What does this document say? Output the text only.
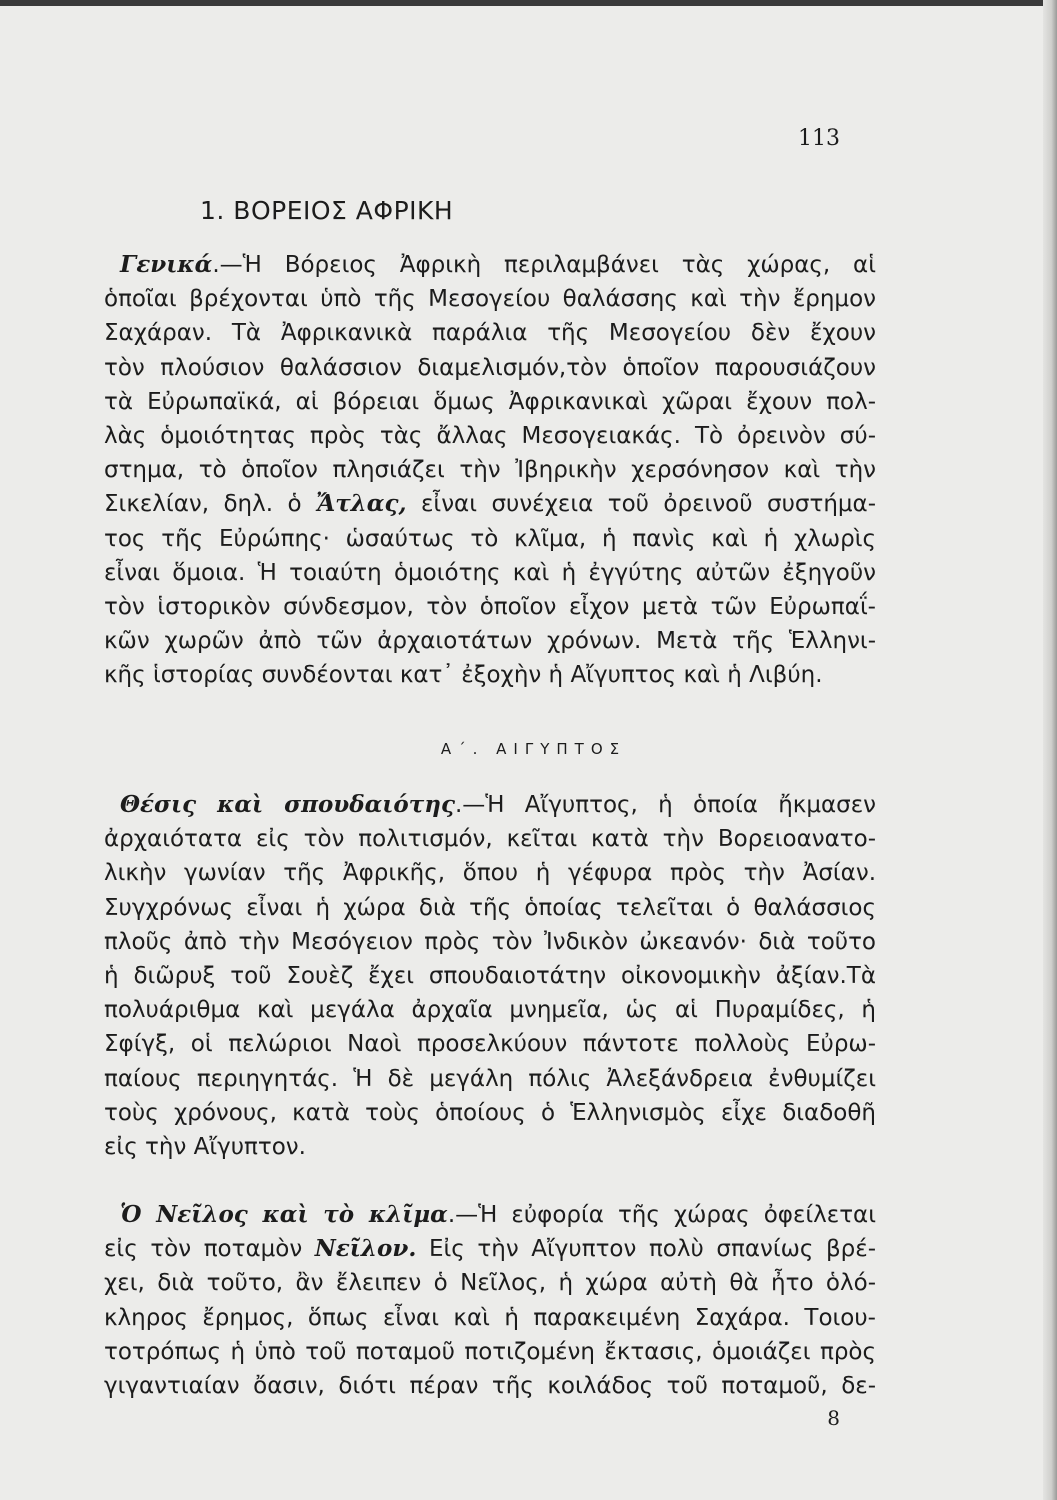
113
1. ΒΟΡΕΙΟΣ ΑΦΡΙΚΗ
Γενικά.—Ἡ Βόρειος Ἀφρικὴ περιλαμβάνει τὰς χώρας, αἱ
ὁποῖαι βρέχονται ὑπὸ τῆς Μεσογείου θαλάσσης καὶ τὴν ἔρημον
Σαχάραν. Τὰ Ἀφρικανικὰ παράλια τῆς Μεσογείου δὲν ἔχουν
τὸν πλούσιον θαλάσσιον διαμελισμόν,τὸν ὁποῖον παρουσιάζουν
τὰ Εὐρωπαϊκά, αἱ βόρειαι ὅμως Ἀφρικανικαὶ χῶραι ἔχουν πολ-
λὰς ὁμοιότητας πρὸς τὰς ἄλλας Μεσογειακάς. Τὸ ὀρεινὸν σύ-
στημα, τὸ ὁποῖον πλησιάζει τὴν Ἰβηρικὴν χερσόνησον καὶ τὴν
Σικελίαν, δηλ. ὁ Ἄτλας, εἶναι συνέχεια τοῦ ὀρεινοῦ συστήμα-
τος τῆς Εὐρώπης· ὡσαύτως τὸ κλῖμα, ἡ πανὶς καὶ ἡ χλωρὶς
εἶναι ὅμοια. Ἡ τοιαύτη ὁμοιότης καὶ ἡ ἐγγύτης αὐτῶν ἐξηγοῦν
τὸν ἱστορικὸν σύνδεσμον, τὸν ὁποῖον εἶχον μετὰ τῶν Εὐρωπαΐ-
κῶν χωρῶν ἀπὸ τῶν ἀρχαιοτάτων χρόνων. Μετὰ τῆς Ἑλληνι-
κῆς ἱστορίας συνδέονται κατ᾿ ἐξοχὴν ἡ Αἴγυπτος καὶ ἡ Λιβύη.
Α΄. ΑΙΓΥΠΤΟΣ
Θέσις καὶ σπουδαιότης.—Ἡ Αἴγυπτος, ἡ ὁποία ἤκμασεν
ἀρχαιότατα εἰς τὸν πολιτισμόν, κεῖται κατὰ τὴν Βορειοανατο-
λικὴν γωνίαν τῆς Ἀφρικῆς, ὅπου ἡ γέφυρα πρὸς τὴν Ἀσίαν.
Συγχρόνως εἶναι ἡ χώρα διὰ τῆς ὁποίας τελεῖται ὁ θαλάσσιος
πλοῦς ἀπὸ τὴν Μεσόγειον πρὸς τὸν Ἰνδικὸν ὠκεανόν· διὰ τοῦτο
ἡ διῶρυξ τοῦ Σουὲζ ἔχει σπουδαιοτάτην οἰκονομικὴν ἀξίαν.Τὰ
πολυάριθμα καὶ μεγάλα ἀρχαῖα μνημεῖα, ὡς αἱ Πυραμίδες, ἡ
Σφίγξ, οἱ πελώριοι Ναοὶ προσελκύουν πάντοτε πολλοὺς Εὐρω-
παίους περιηγητάς. Ἡ δὲ μεγάλη πόλις Ἀλεξάνδρεια ἐνθυμίζει
τοὺς χρόνους, κατὰ τοὺς ὁποίους ὁ Ἑλληνισμὸς εἶχε διαδοθῆ
εἰς τὴν Αἴγυπτον.
Ὁ Νεῖλος καὶ τὸ κλῖμα.—Ἡ εὐφορία τῆς χώρας ὀφείλεται
εἰς τὸν ποταμὸν Νεῖλον. Εἰς τὴν Αἴγυπτον πολὺ σπανίως βρέ-
χει, διὰ τοῦτο, ἂν ἔλειπεν ὁ Νεῖλος, ἡ χώρα αὐτὴ θὰ ἦτο ὁλό-
κληρος ἔρημος, ὅπως εἶναι καὶ ἡ παρακειμένη Σαχάρα. Τοιου-
τοτρόπως ἡ ὑπὸ τοῦ ποταμοῦ ποτιζομένη ἔκτασις, ὁμοιάζει πρὸς
γιγαντιαίαν ὄασιν, διότι πέραν τῆς κοιλάδος τοῦ ποταμοῦ, δε-
8
